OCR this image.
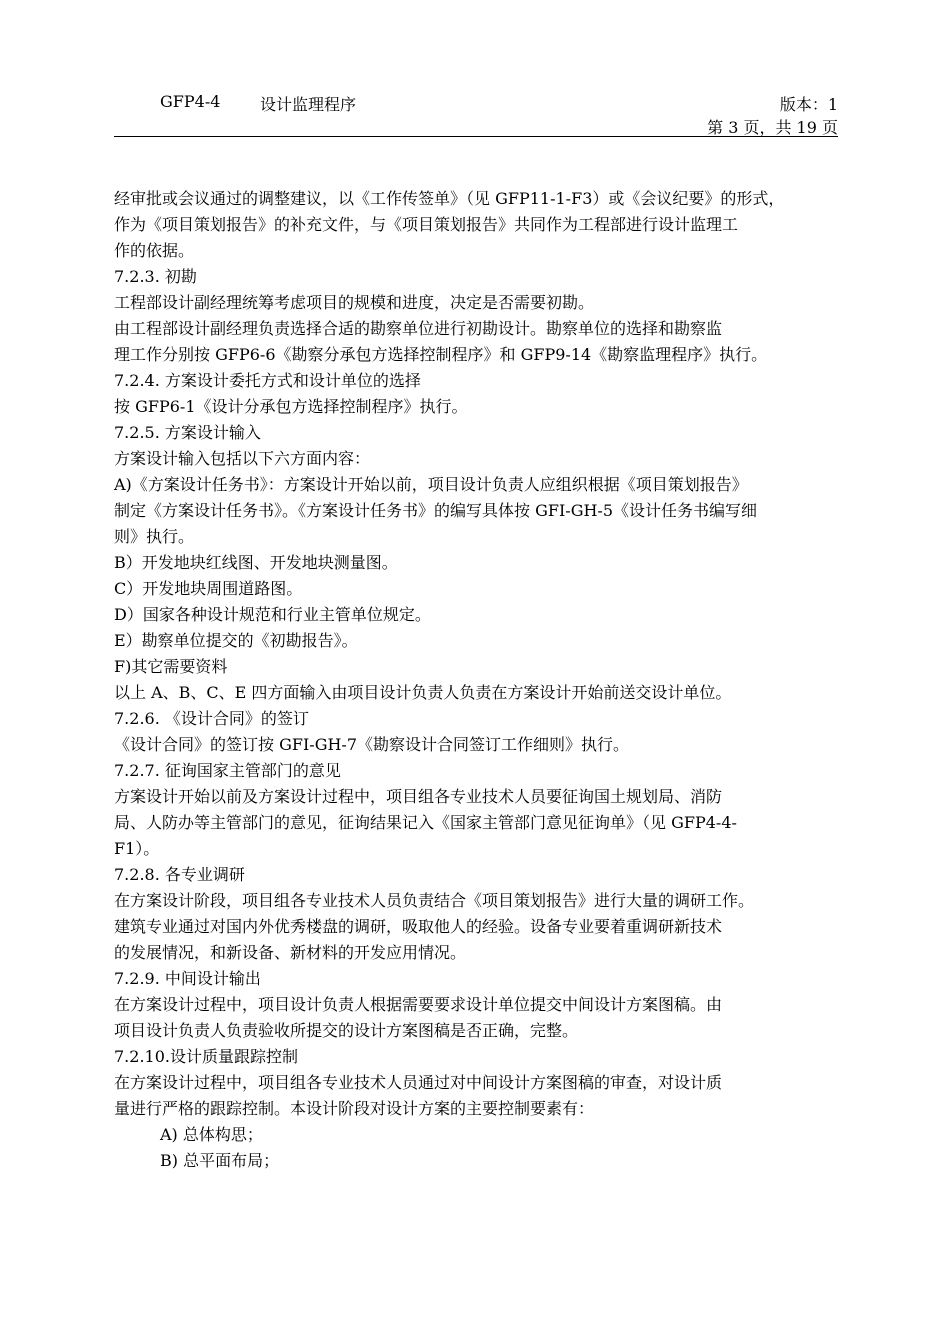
GFP4-4 设计监理程序	版本：1
第 3 页，共 19 页

经审批或会议通过的调整建议，以《工作传签单》（见 GFP11-1-F3）或《会议纪要》的形式，

作为《项目策划报告》的补充文件，与《项目策划报告》共同作为工程部进行设计监理工

作的依据。

7.2.3. 初勘

工程部设计副经理统筹考虑项目的规模和进度，决定是否需要初勘。

由工程部设计副经理负责选择合适的勘察单位进行初勘设计。勘察单位的选择和勘察监

理工作分别按 GFP6-6《勘察分承包方选择控制程序》和 GFP9-14《勘察监理程序》执行。

7.2.4. 方案设计委托方式和设计单位的选择

按 GFP6-1《设计分承包方选择控制程序》执行。

7.2.5. 方案设计输入

方案设计输入包括以下六方面内容：

A)《方案设计任务书》：方案设计开始以前，项目设计负责人应组织根据《项目策划报告》

制定《方案设计任务书》。《方案设计任务书》的编写具体按 GFI-GH-5《设计任务书编写细

则》执行。

B）开发地块红线图、开发地块测量图。

C）开发地块周围道路图。

D）国家各种设计规范和行业主管单位规定。

E）勘察单位提交的《初勘报告》。

F)其它需要资料

以上 A、B、C、E 四方面输入由项目设计负责人负责在方案设计开始前送交设计单位。

7.2.6. 《设计合同》的签订

《设计合同》的签订按 GFI-GH-7《勘察设计合同签订工作细则》执行。

7.2.7. 征询国家主管部门的意见

方案设计开始以前及方案设计过程中，项目组各专业技术人员要征询国土规划局、消防

局、人防办等主管部门的意见，征询结果记入《国家主管部门意见征询单》（见 GFP4-4-

F1）。

7.2.8. 各专业调研

在方案设计阶段，项目组各专业技术人员负责结合《项目策划报告》进行大量的调研工作。

建筑专业通过对国内外优秀楼盘的调研，吸取他人的经验。设备专业要着重调研新技术

的发展情况，和新设备、新材料的开发应用情况。

7.2.9. 中间设计输出

在方案设计过程中，项目设计负责人根据需要要求设计单位提交中间设计方案图稿。由

项目设计负责人负责验收所提交的设计方案图稿是否正确，完整。

7.2.10.设计质量跟踪控制

在方案设计过程中，项目组各专业技术人员通过对中间设计方案图稿的审查，对设计质

量进行严格的跟踪控制。本设计阶段对设计方案的主要控制要素有：

A) 总体构思；

B) 总平面布局；
